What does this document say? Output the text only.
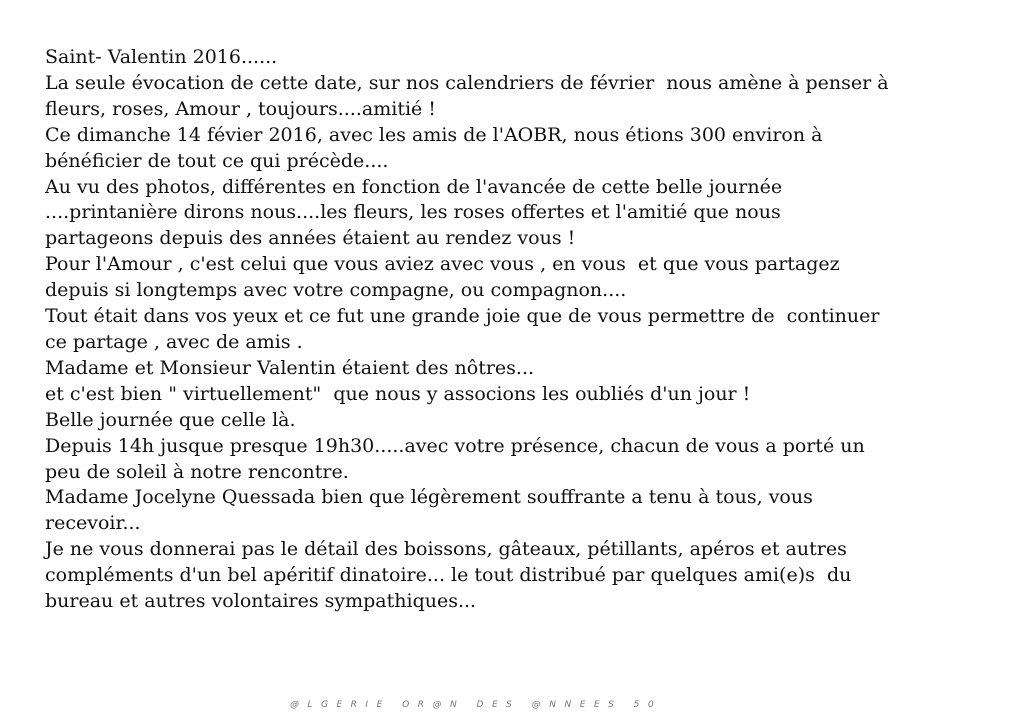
Saint- Valentin 2016......
La seule évocation de cette date, sur nos calendriers de février  nous amène à penser à
fleurs, roses, Amour , toujours....amitié !
Ce dimanche 14 févier 2016, avec les amis de l'AOBR, nous étions 300 environ à
bénéficier de tout ce qui précède....
Au vu des photos, différentes en fonction de l'avancée de cette belle journée
....printanière dirons nous....les fleurs, les roses offertes et l'amitié que nous
partageons depuis des années étaient au rendez vous !
Pour l'Amour , c'est celui que vous aviez avec vous , en vous  et que vous partagez
depuis si longtemps avec votre compagne, ou compagnon....
Tout était dans vos yeux et ce fut une grande joie que de vous permettre de  continuer
ce partage , avec de amis .
Madame et Monsieur Valentin étaient des nôtres...
et c'est bien " virtuellement"  que nous y associons les oubliés d'un jour !
Belle journée que celle là.
Depuis 14h jusque presque 19h30.....avec votre présence, chacun de vous a porté un
peu de soleil à notre rencontre.
Madame Jocelyne Quessada bien que légèrement souffrante a tenu à tous, vous
recevoir...
Je ne vous donnerai pas le détail des boissons, gâteaux, pétillants, apéros et autres
compléments d'un bel apéritif dinatoire... le tout distribué par quelques ami(e)s  du
bureau et autres volontaires sympathiques...
@LGERIE OR@N DES @NNEES 50
